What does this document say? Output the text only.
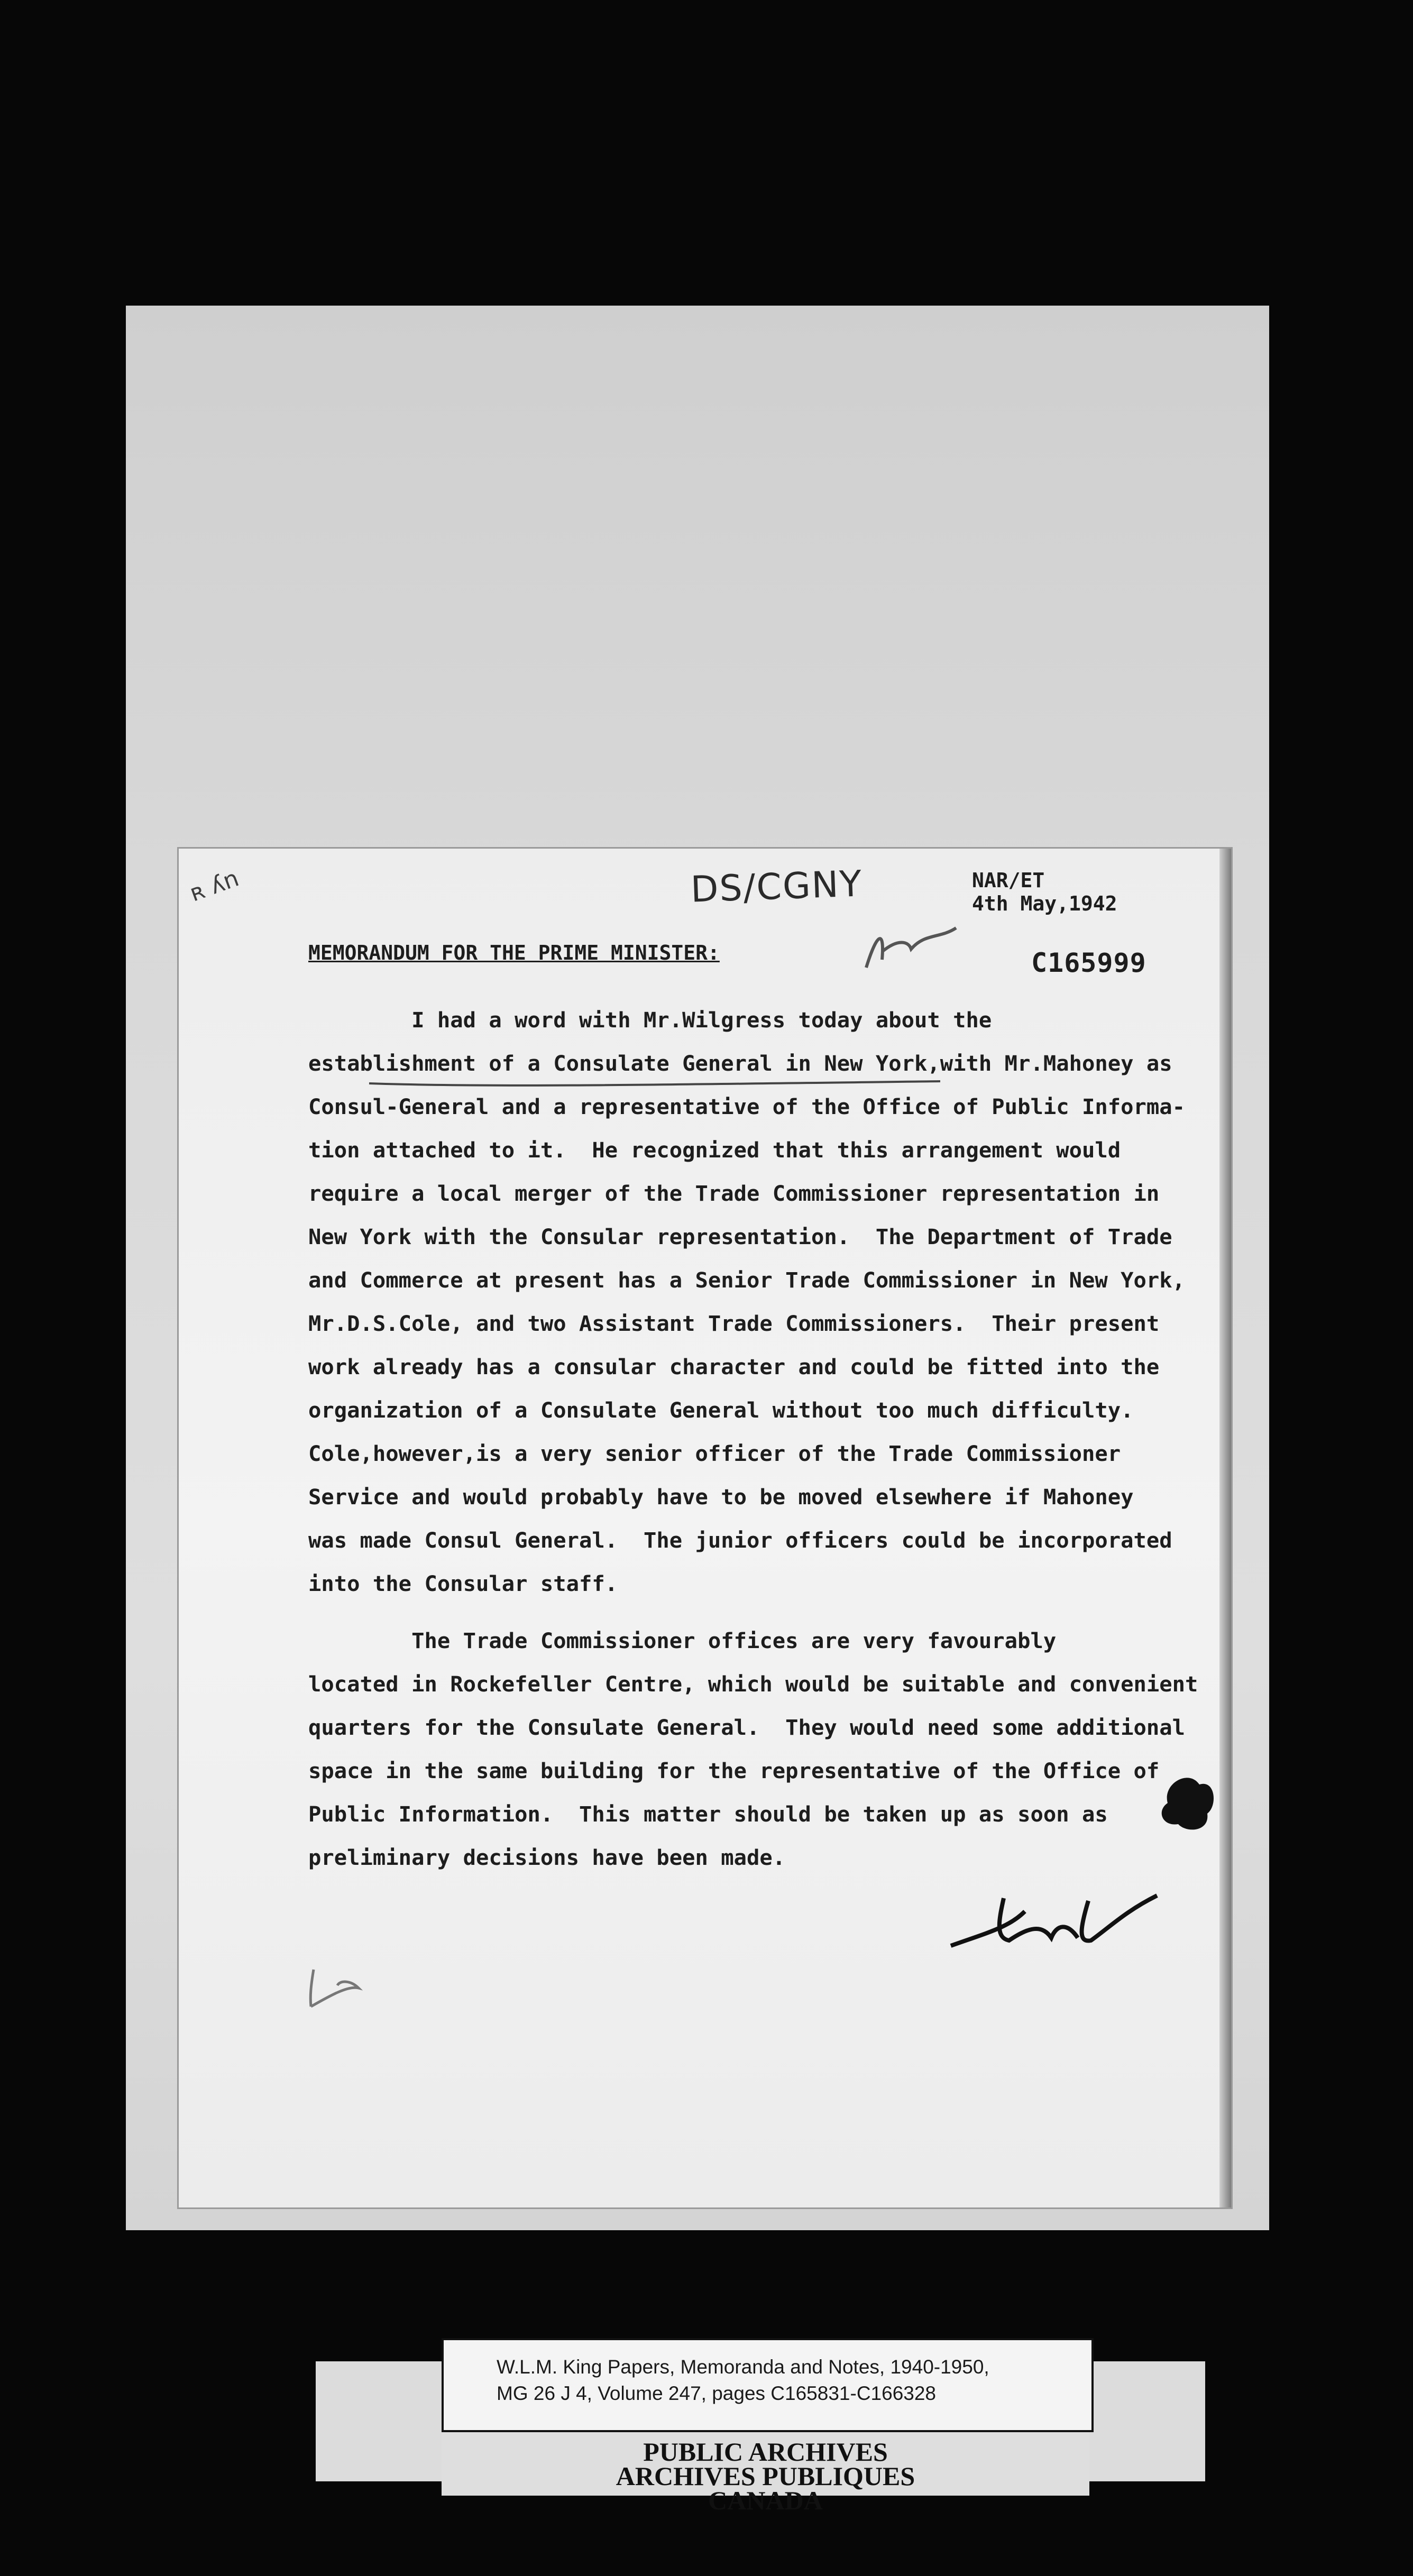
ʀ ʎn	DS/CGNY	NAR/ET
4th May,1942
MEMORANDUM FOR THE PRIME MINISTER:	C165999
I had a word with Mr.Wilgress today about the
establishment of a Consulate General in New York,with Mr.Mahoney as
Consul-General and a representative of the Office of Public Informa-
tion attached to it.  He recognized that this arrangement would
require a local merger of the Trade Commissioner representation in
New York with the Consular representation.  The Department of Trade
and Commerce at present has a Senior Trade Commissioner in New York,
Mr.D.S.Cole, and two Assistant Trade Commissioners.  Their present
work already has a consular character and could be fitted into the
organization of a Consulate General without too much difficulty.
Cole,however,is a very senior officer of the Trade Commissioner
Service and would probably have to be moved elsewhere if Mahoney
was made Consul General.  The junior officers could be incorporated
into the Consular staff.
The Trade Commissioner offices are very favourably
located in Rockefeller Centre, which would be suitable and convenient
quarters for the Consulate General.  They would need some additional
space in the same building for the representative of the Office of
Public Information.  This matter should be taken up as soon as
preliminary decisions have been made.
W.L.M. King Papers, Memoranda and Notes, 1940-1950,
MG 26 J 4, Volume 247, pages C165831-C166328
PUBLIC ARCHIVES
ARCHIVES PUBLIQUES
CANADA
